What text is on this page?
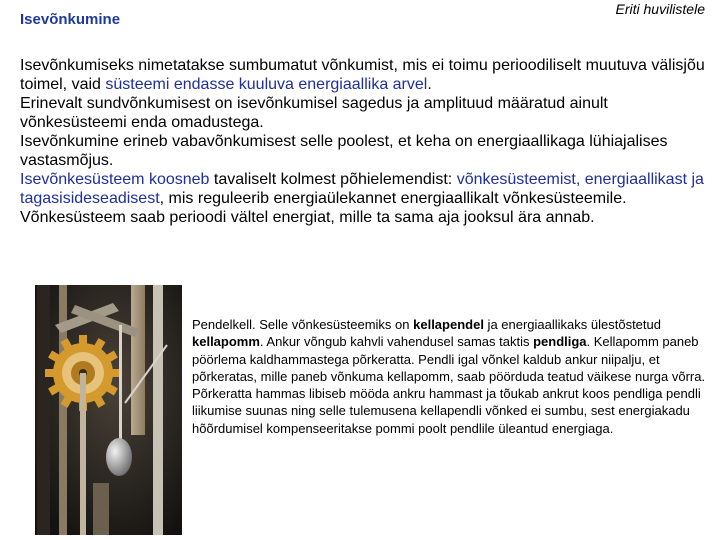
Isevõnkumine
Eriti huvilistele

Isevõnkumiseks nimetatakse sumbumatut võnkumist, mis ei toimu perioodiliselt muutuva välisjõu toimel, vaid süsteemi endasse kuuluva energiaallika arvel.
Erinevalt sundvõnkumisest on isevõnkumisel sagedus ja amplituud määratud ainult võnkesüsteemi enda omadustega.
Isevõnkumine erineb vabavõnkumisest selle poolest, et keha on energiaallikaga lühiajalises vastasmõjus.
Isevõnkesüsteem koosneb tavaliselt kolmest põhielemendist: võnkesüsteemist, energiaallikast ja tagasisideseadisest, mis reguleerib energiaülekannet energiaallikalt võnkesüsteemile. Võnkesüsteem saab perioodi vältel energiat, mille ta sama aja jooksul ära annab.

Pendelkell. Selle võnkesüsteemiks on kellapendel ja energiaallikaks ülestõstetud kellapomm. Ankur võngub kahvli vahendusel samas taktis pendliga. Kellapomm paneb pöörlema kaldhammastega põrkeratta. Pendli igal võnkel kaldub ankur niipalju, et põrkeratas, mille paneb võnkuma kellapomm, saab pöörduda teatud väikese nurga võrra. Põrkeratta hammas libiseb mööda ankru hammast ja tõukab ankrut koos pendliga pendli liikumise suunas ning selle tulemusena kellapendli võnked ei sumbu, sest energiakadu hõõrdumisel kompenseeritakse pommi poolt pendlile üleantud energiaga.
